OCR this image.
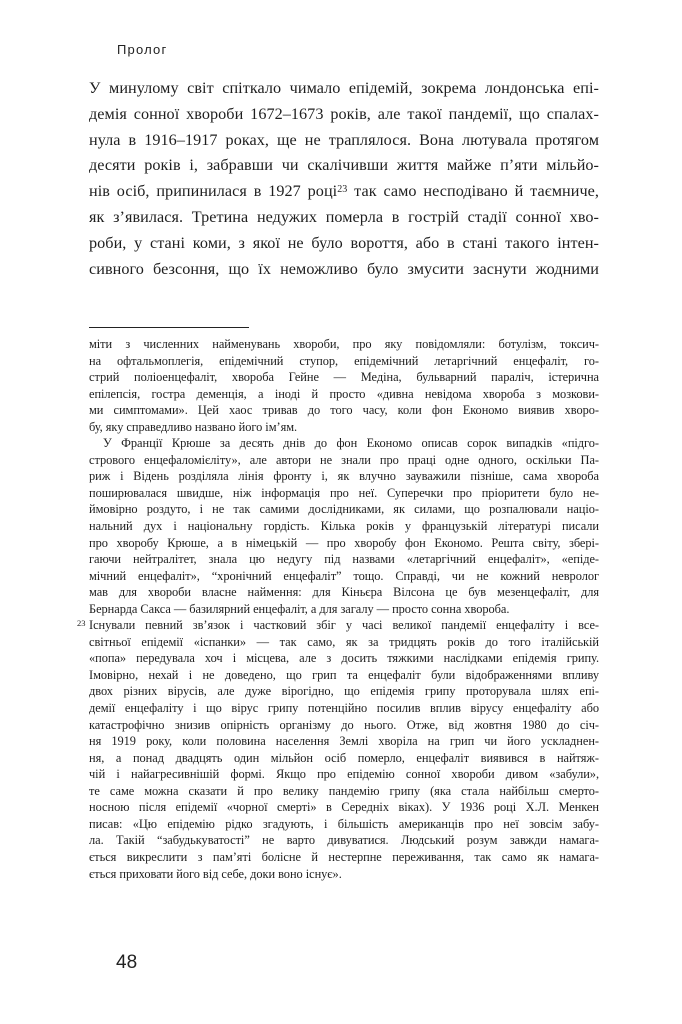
Пролог
У минулому світ спіткало чимало епідемій, зокрема лондонська епі-
демія сонної хвороби 1672–1673 років, але такої пандемії, що спалах-
нула в 1916–1917 роках, ще не траплялося. Вона лютувала протягом
десяти років і, забравши чи скалічивши життя майже п’яти мільйо-
нів осіб, припинилася в 1927 році$^{23}$ так само несподівано й таємниче,
як з’явилася. Третина недужих померла в гострій стадії сонної хво-
роби, у стані коми, з якої не було вороття, або в стані такого інтен-
сивного безсоння, що їх неможливо було змусити заснути жодними
міти з численних найменувань хвороби, про яку повідомляли: ботулізм, токсич-
на офтальмоплегія, епідемічний ступор, епідемічний летаргічний енцефаліт, го-
стрий поліоенцефаліт, хвороба Гейне — Медіна, бульварний параліч, істерична
епілепсія, гостра деменція, а іноді й просто «дивна невідома хвороба з мозкови-
ми симптомами». Цей хаос тривав до того часу, коли фон Економо виявив хворо-
бу, яку справедливо названо його ім’ям.
У Франції Крюше за десять днів до фон Економо описав сорок випадків «підго-
стрового енцефаломієліту», але автори не знали про праці одне одного, оскільки Па-
риж і Відень розділяла лінія фронту і, як влучно зауважили пізніше, сама хвороба
поширювалася швидше, ніж інформація про неї. Суперечки про пріоритети було не-
ймовірно роздуто, і не так самими дослідниками, як силами, що розпалювали націо-
нальний дух і національну гордість. Кілька років у французькій літературі писали
про хворобу Крюше, а в німецькій — про хворобу фон Економо. Решта світу, збері-
гаючи нейтралітет, знала цю недугу під назвами «летаргічний енцефаліт», «епіде-
мічний енцефаліт», “хронічний енцефаліт” тощо. Справді, чи не кожний невролог
мав для хвороби власне наймення: для Кіньєра Вілсона це був мезенцефаліт, для
Бернарда Сакса — базилярний енцефаліт, а для загалу — просто сонна хвороба.
23 Існували певний зв’язок і частковий збіг у часі великої пандемії енцефаліту і все-
світньої епідемії «іспанки» — так само, як за тридцять років до того італійській
«попа» передувала хоч і місцева, але з досить тяжкими наслідками епідемія грипу.
Імовірно, нехай і не доведено, що грип та енцефаліт були відображеннями впливу
двох різних вірусів, але дуже вірогідно, що епідемія грипу проторувала шлях епі-
демії енцефаліту і що вірус грипу потенційно посилив вплив вірусу енцефаліту або
катастрофічно знизив опірність організму до нього. Отже, від жовтня 1980 до січ-
ня 1919 року, коли половина населення Землі хворіла на грип чи його ускладнен-
ня, а понад двадцять один мільйон осіб померло, енцефаліт виявився в найтяж-
чій і найагресивнішій формі. Якщо про епідемію сонної хвороби дивом «забули»,
те саме можна сказати й про велику пандемію грипу (яка стала найбільш смерто-
носною після епідемії «чорної смерті» в Середніх віках). У 1936 році Х.Л. Менкен
писав: «Цю епідемію рідко згадують, і більшість американців про неї зовсім забу-
ла. Такій “забудькуватості” не варто дивуватися. Людський розум завжди намага-
ється викреслити з пам’яті болісне й нестерпне переживання, так само як намага-
ється приховати його від себе, доки воно існує».
48
